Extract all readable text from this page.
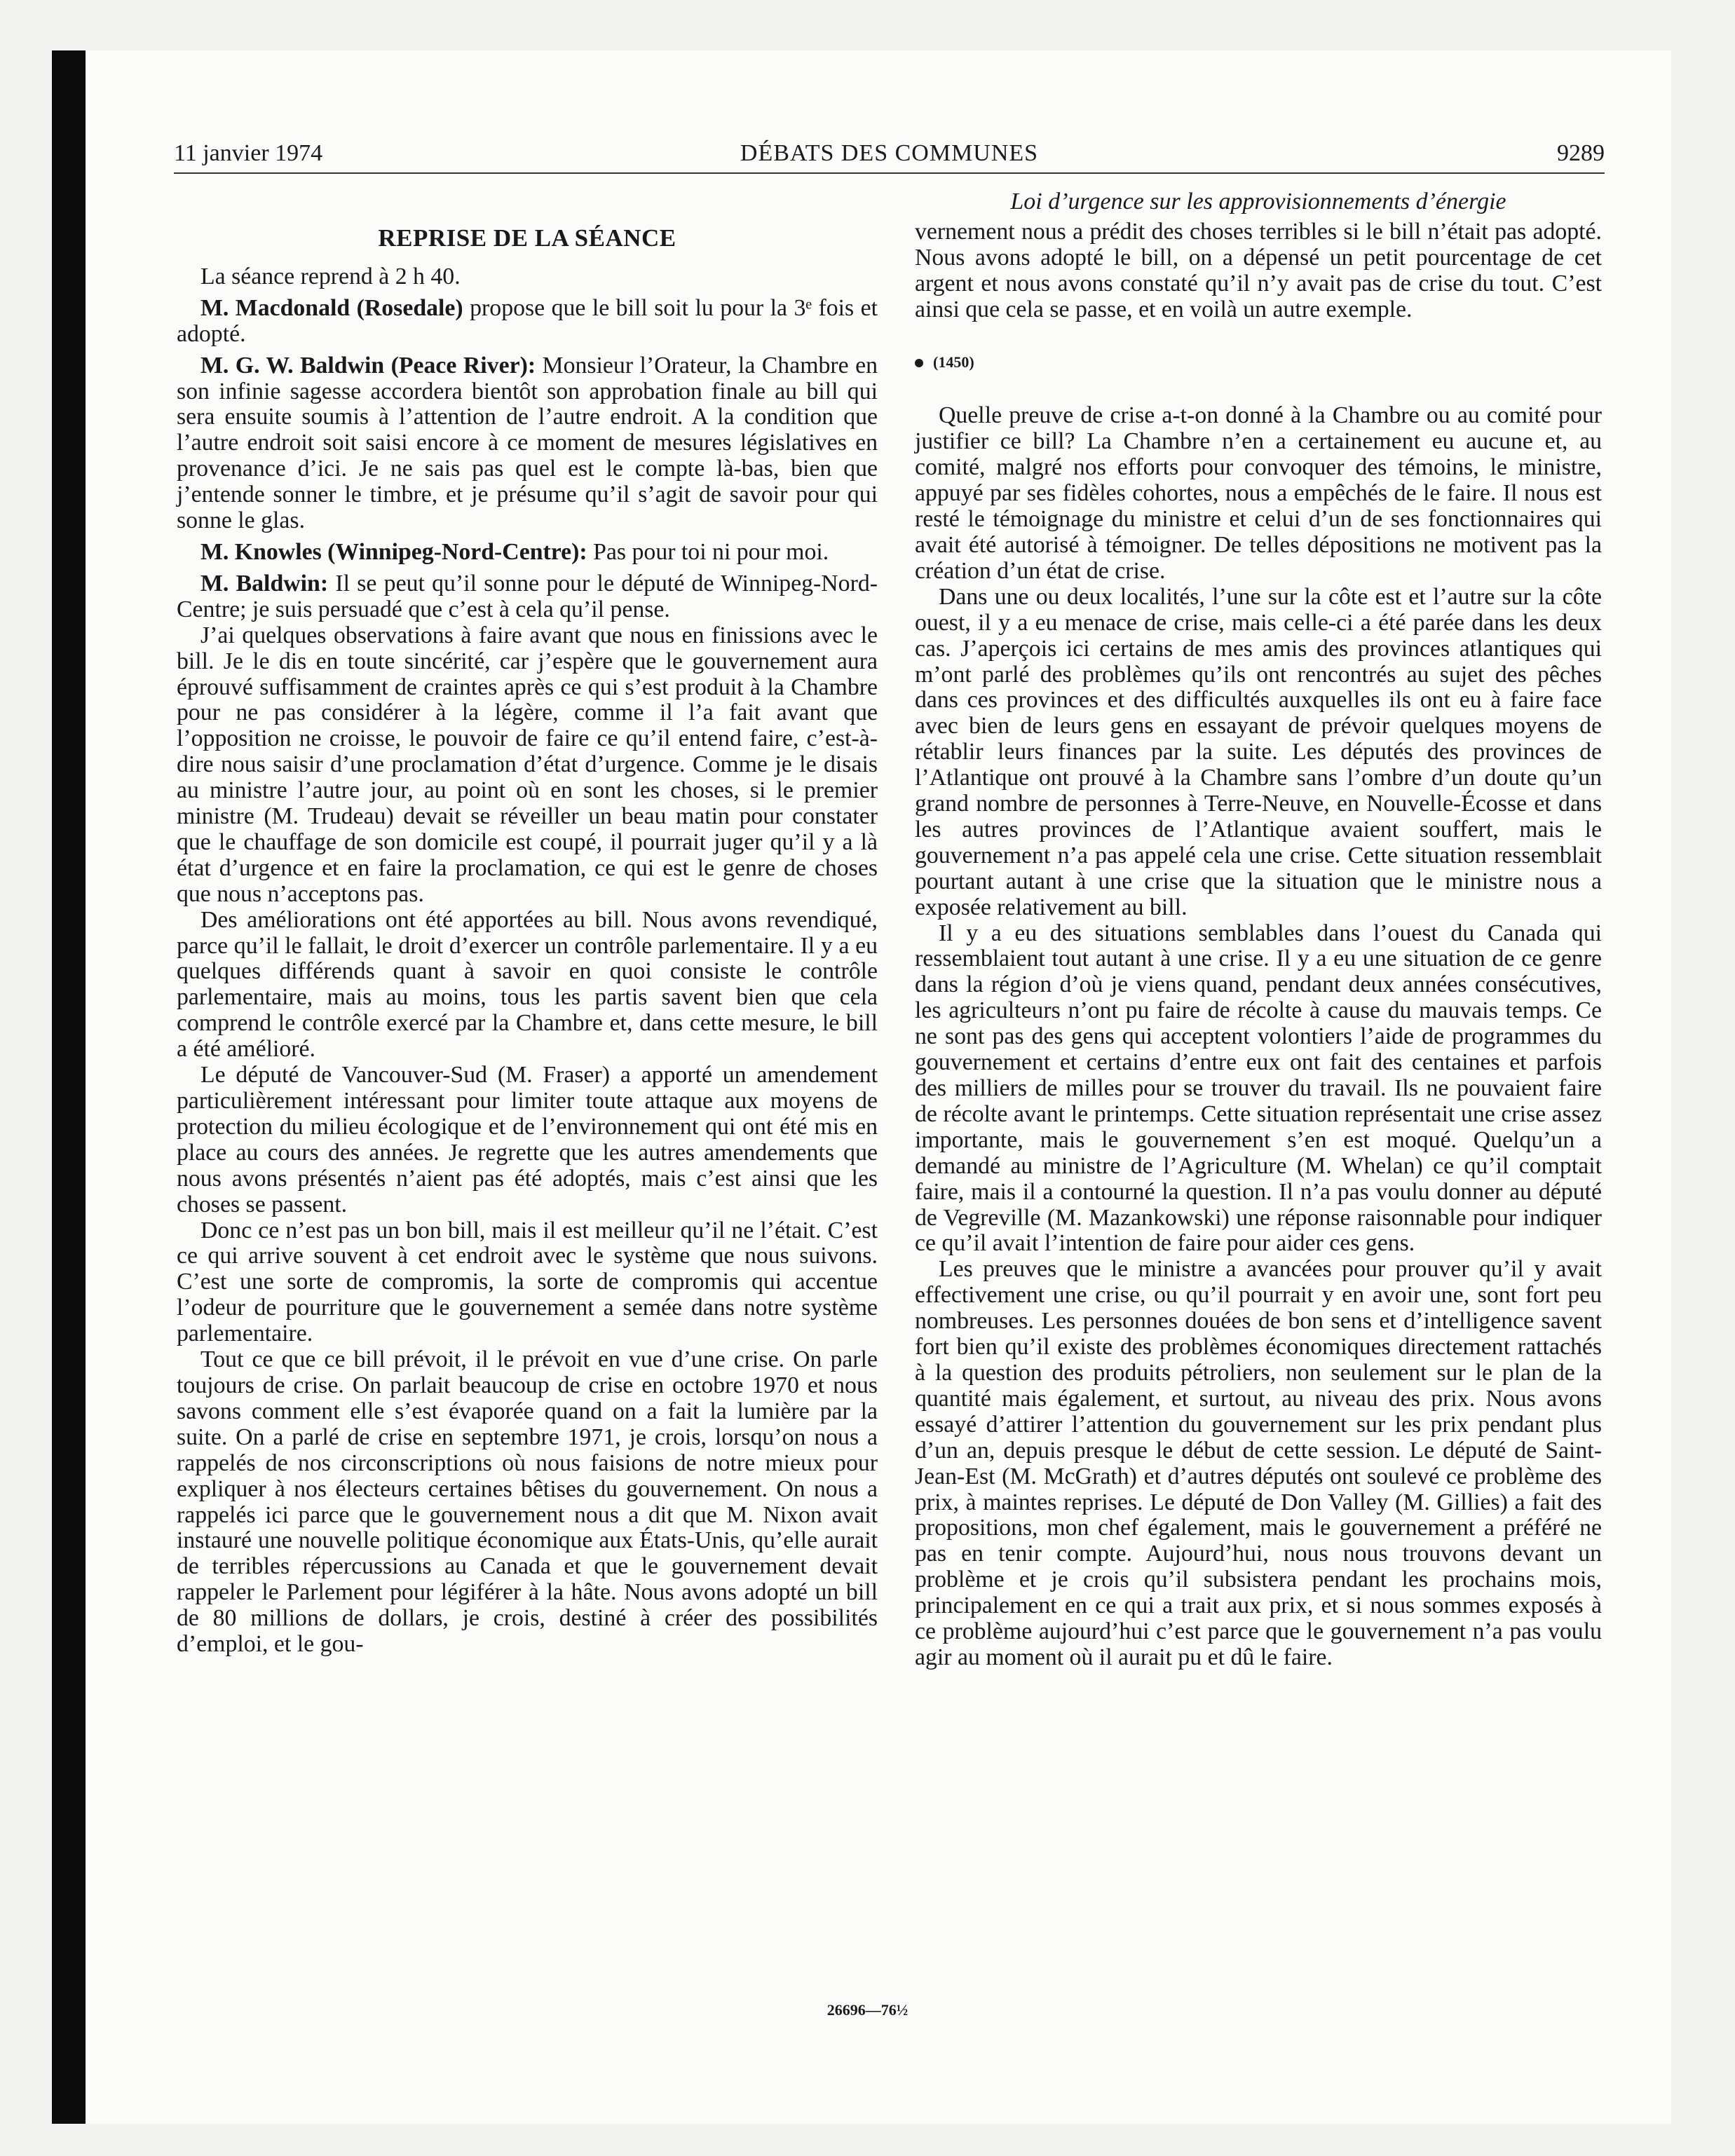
11 janvier 1974	DÉBATS DES COMMUNES	9289
REPRISE DE LA SÉANCE

La séance reprend à 2 h 40.

M. Macdonald (Rosedale) propose que le bill soit lu pour la 3ᵉ fois et adopté.

M. G. W. Baldwin (Peace River): Monsieur l’Orateur, la Chambre en son infinie sagesse accordera bientôt son approbation finale au bill qui sera ensuite soumis à l’attention de l’autre endroit. A la condition que l’autre endroit soit saisi encore à ce moment de mesures législatives en provenance d’ici. Je ne sais pas quel est le compte là-bas, bien que j’entende sonner le timbre, et je présume qu’il s’agit de savoir pour qui sonne le glas.

M. Knowles (Winnipeg-Nord-Centre): Pas pour toi ni pour moi.

M. Baldwin: Il se peut qu’il sonne pour le député de Winnipeg-Nord-Centre; je suis persuadé que c’est à cela qu’il pense.

J’ai quelques observations à faire avant que nous en finissions avec le bill. Je le dis en toute sincérité, car j’espère que le gouvernement aura éprouvé suffisamment de craintes après ce qui s’est produit à la Chambre pour ne pas considérer à la légère, comme il l’a fait avant que l’opposition ne croisse, le pouvoir de faire ce qu’il entend faire, c’est-à-dire nous saisir d’une proclamation d’état d’urgence. Comme je le disais au ministre l’autre jour, au point où en sont les choses, si le premier ministre (M. Trudeau) devait se réveiller un beau matin pour constater que le chauffage de son domicile est coupé, il pourrait juger qu’il y a là état d’urgence et en faire la proclamation, ce qui est le genre de choses que nous n’acceptons pas.

Des améliorations ont été apportées au bill. Nous avons revendiqué, parce qu’il le fallait, le droit d’exercer un contrôle parlementaire. Il y a eu quelques différends quant à savoir en quoi consiste le contrôle parlementaire, mais au moins, tous les partis savent bien que cela comprend le contrôle exercé par la Chambre et, dans cette mesure, le bill a été amélioré.

Le député de Vancouver-Sud (M. Fraser) a apporté un amendement particulièrement intéressant pour limiter toute attaque aux moyens de protection du milieu écologique et de l’environnement qui ont été mis en place au cours des années. Je regrette que les autres amendements que nous avons présentés n’aient pas été adoptés, mais c’est ainsi que les choses se passent.

Donc ce n’est pas un bon bill, mais il est meilleur qu’il ne l’était. C’est ce qui arrive souvent à cet endroit avec le système que nous suivons. C’est une sorte de compromis, la sorte de compromis qui accentue l’odeur de pourriture que le gouvernement a semée dans notre système parlementaire.

Tout ce que ce bill prévoit, il le prévoit en vue d’une crise. On parle toujours de crise. On parlait beaucoup de crise en octobre 1970 et nous savons comment elle s’est évaporée quand on a fait la lumière par la suite. On a parlé de crise en septembre 1971, je crois, lorsqu’on nous a rappelés de nos circonscriptions où nous faisions de notre mieux pour expliquer à nos électeurs certaines bêtises du gouvernement. On nous a rappelés ici parce que le gouvernement nous a dit que M. Nixon avait instauré une nouvelle politique économique aux États-Unis, qu’elle aurait de terribles répercussions au Canada et que le gouvernement devait rappeler le Parlement pour légiférer à la hâte. Nous avons adopté un bill de 80 millions de dollars, je crois, destiné à créer des possibilités d’emploi, et le gou-

Loi d’urgence sur les approvisionnements d’énergie

vernement nous a prédit des choses terribles si le bill n’était pas adopté. Nous avons adopté le bill, on a dépensé un petit pourcentage de cet argent et nous avons constaté qu’il n’y avait pas de crise du tout. C’est ainsi que cela se passe, et en voilà un autre exemple.

(1450)

Quelle preuve de crise a-t-on donné à la Chambre ou au comité pour justifier ce bill? La Chambre n’en a certainement eu aucune et, au comité, malgré nos efforts pour convoquer des témoins, le ministre, appuyé par ses fidèles cohortes, nous a empêchés de le faire. Il nous est resté le témoignage du ministre et celui d’un de ses fonctionnaires qui avait été autorisé à témoigner. De telles dépositions ne motivent pas la création d’un état de crise.

Dans une ou deux localités, l’une sur la côte est et l’autre sur la côte ouest, il y a eu menace de crise, mais celle-ci a été parée dans les deux cas. J’aperçois ici certains de mes amis des provinces atlantiques qui m’ont parlé des problèmes qu’ils ont rencontrés au sujet des pêches dans ces provinces et des difficultés auxquelles ils ont eu à faire face avec bien de leurs gens en essayant de prévoir quelques moyens de rétablir leurs finances par la suite. Les députés des provinces de l’Atlantique ont prouvé à la Chambre sans l’ombre d’un doute qu’un grand nombre de personnes à Terre-Neuve, en Nouvelle-Écosse et dans les autres provinces de l’Atlantique avaient souffert, mais le gouvernement n’a pas appelé cela une crise. Cette situation ressemblait pourtant autant à une crise que la situation que le ministre nous a exposée relativement au bill.

Il y a eu des situations semblables dans l’ouest du Canada qui ressemblaient tout autant à une crise. Il y a eu une situation de ce genre dans la région d’où je viens quand, pendant deux années consécutives, les agriculteurs n’ont pu faire de récolte à cause du mauvais temps. Ce ne sont pas des gens qui acceptent volontiers l’aide de programmes du gouvernement et certains d’entre eux ont fait des centaines et parfois des milliers de milles pour se trouver du travail. Ils ne pouvaient faire de récolte avant le printemps. Cette situation représentait une crise assez importante, mais le gouvernement s’en est moqué. Quelqu’un a demandé au ministre de l’Agriculture (M. Whelan) ce qu’il comptait faire, mais il a contourné la question. Il n’a pas voulu donner au député de Vegreville (M. Mazankowski) une réponse raisonnable pour indiquer ce qu’il avait l’intention de faire pour aider ces gens.

Les preuves que le ministre a avancées pour prouver qu’il y avait effectivement une crise, ou qu’il pourrait y en avoir une, sont fort peu nombreuses. Les personnes douées de bon sens et d’intelligence savent fort bien qu’il existe des problèmes économiques directement rattachés à la question des produits pétroliers, non seulement sur le plan de la quantité mais également, et surtout, au niveau des prix. Nous avons essayé d’attirer l’attention du gouvernement sur les prix pendant plus d’un an, depuis presque le début de cette session. Le député de Saint-Jean-Est (M. McGrath) et d’autres députés ont soulevé ce problème des prix, à maintes reprises. Le député de Don Valley (M. Gillies) a fait des propositions, mon chef également, mais le gouvernement a préféré ne pas en tenir compte. Aujourd’hui, nous nous trouvons devant un problème et je crois qu’il subsistera pendant les prochains mois, principalement en ce qui a trait aux prix, et si nous sommes exposés à ce problème aujourd’hui c’est parce que le gouvernement n’a pas voulu agir au moment où il aurait pu et dû le faire.

26696—76½
